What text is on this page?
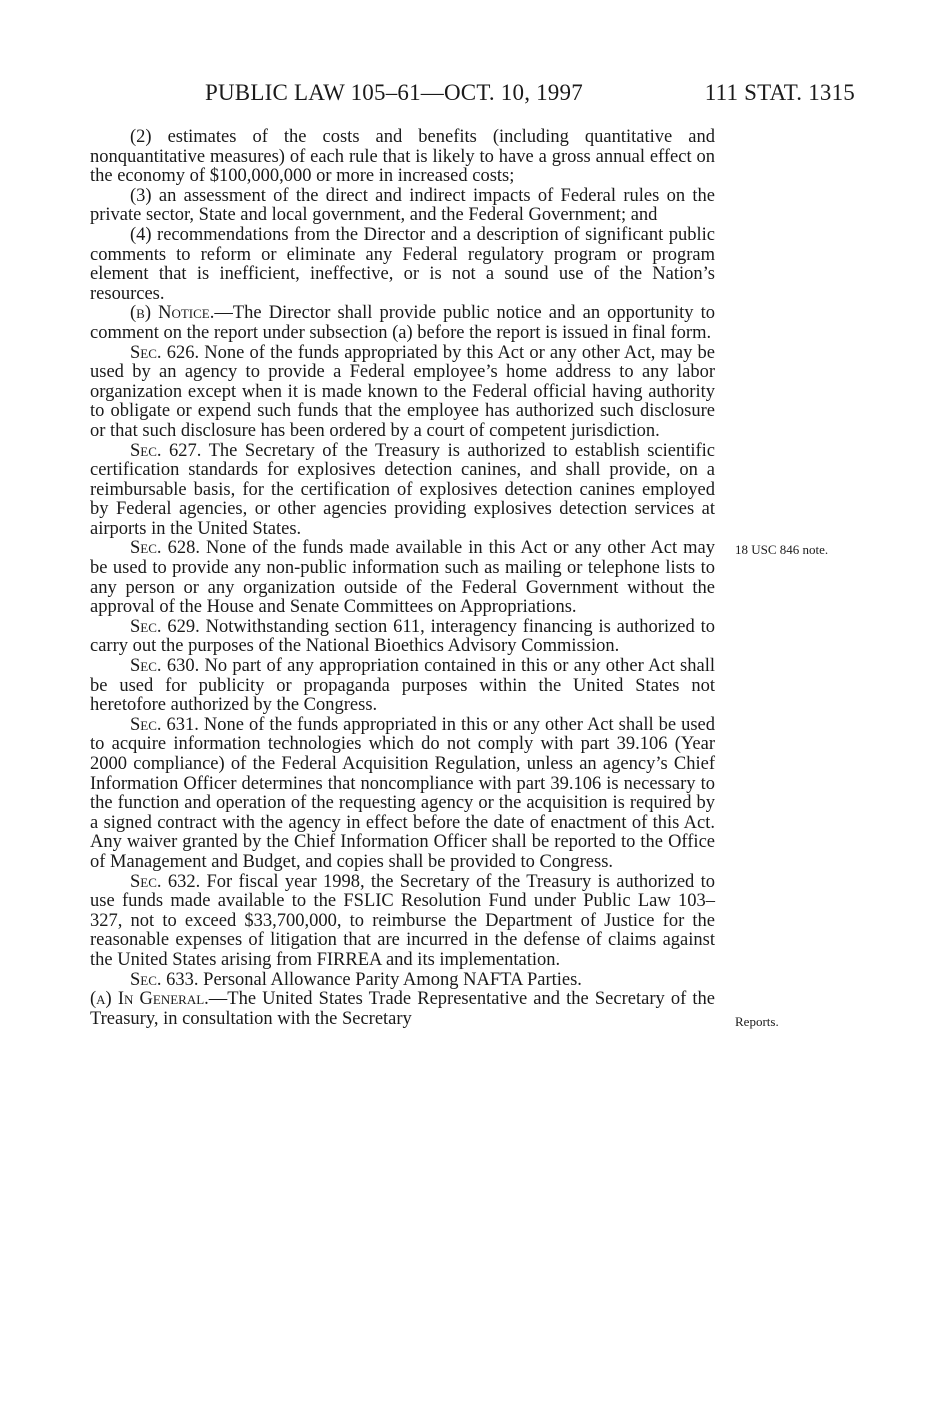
PUBLIC LAW 105–61—OCT. 10, 1997	111 STAT. 1315
18 USC 846 note.
Reports.

(2) estimates of the costs and benefits (including quantitative and nonquantitative measures) of each rule that is likely to have a gross annual effect on the economy of $100,000,000 or more in increased costs;

(3) an assessment of the direct and indirect impacts of Federal rules on the private sector, State and local government, and the Federal Government; and

(4) recommendations from the Director and a description of significant public comments to reform or eliminate any Federal regulatory program or program element that is inefficient, ineffective, or is not a sound use of the Nation’s resources.

(b) Notice.—The Director shall provide public notice and an opportunity to comment on the report under subsection (a) before the report is issued in final form.

Sec. 626. None of the funds appropriated by this Act or any other Act, may be used by an agency to provide a Federal employee’s home address to any labor organization except when it is made known to the Federal official having authority to obligate or expend such funds that the employee has authorized such disclosure or that such disclosure has been ordered by a court of competent jurisdiction.

Sec. 627. The Secretary of the Treasury is authorized to establish scientific certification standards for explosives detection canines, and shall provide, on a reimbursable basis, for the certification of explosives detection canines employed by Federal agencies, or other agencies providing explosives detection services at airports in the United States.

Sec. 628. None of the funds made available in this Act or any other Act may be used to provide any non-public information such as mailing or telephone lists to any person or any organization outside of the Federal Government without the approval of the House and Senate Committees on Appropriations.

Sec. 629. Notwithstanding section 611, interagency financing is authorized to carry out the purposes of the National Bioethics Advisory Commission.

Sec. 630. No part of any appropriation contained in this or any other Act shall be used for publicity or propaganda purposes within the United States not heretofore authorized by the Congress.

Sec. 631. None of the funds appropriated in this or any other Act shall be used to acquire information technologies which do not comply with part 39.106 (Year 2000 compliance) of the Federal Acquisition Regulation, unless an agency’s Chief Information Officer determines that noncompliance with part 39.106 is necessary to the function and operation of the requesting agency or the acquisition is required by a signed contract with the agency in effect before the date of enactment of this Act. Any waiver granted by the Chief Information Officer shall be reported to the Office of Management and Budget, and copies shall be provided to Congress.

Sec. 632. For fiscal year 1998, the Secretary of the Treasury is authorized to use funds made available to the FSLIC Resolution Fund under Public Law 103–327, not to exceed $33,700,000, to reimburse the Department of Justice for the reasonable expenses of litigation that are incurred in the defense of claims against the United States arising from FIRREA and its implementation.

Sec. 633. Personal Allowance Parity Among NAFTA Parties.

(a) In General.—The United States Trade Representative and the Secretary of the Treasury, in consultation with the Secretary
